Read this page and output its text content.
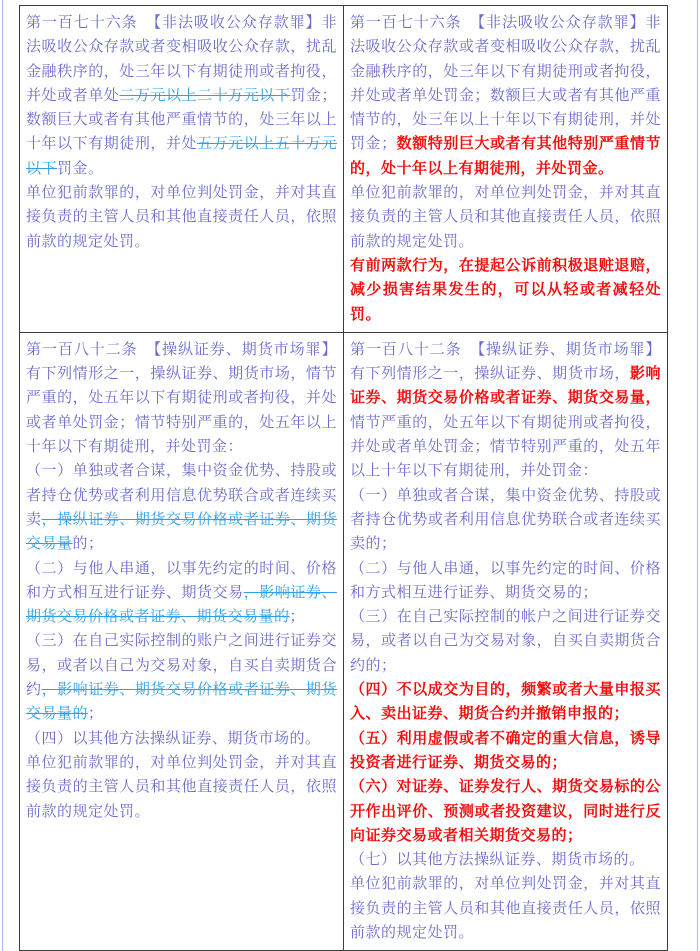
第一百七十六条　【非法吸收公众存款罪】非法吸收公众存款或者变相吸收公众存款，扰乱金融秩序的，处三年以下有期徒刑或者拘役，并处或者单处二万元以上二十万元以下罚金；数额巨大或者有其他严重情节的，处三年以上十年以下有期徒刑，并处五万元以上五十万元以下罚金。

单位犯前款罪的，对单位判处罚金，并对其直接负责的主管人员和其他直接责任人员，依照前款的规定处罚。

第一百七十六条　【非法吸收公众存款罪】非法吸收公众存款或者变相吸收公众存款，扰乱金融秩序的，处三年以下有期徒刑或者拘役，并处或者单处罚金；数额巨大或者有其他严重情节的，处三年以上十年以下有期徒刑，并处罚金；数额特别巨大或者有其他特别严重情节的，处十年以上有期徒刑，并处罚金。

单位犯前款罪的，对单位判处罚金，并对其直接负责的主管人员和其他直接责任人员，依照前款的规定处罚。

有前两款行为，在提起公诉前积极退赃退赔，减少损害结果发生的，可以从轻或者减轻处罚。

第一百八十二条　【操纵证券、期货市场罪】有下列情形之一，操纵证券、期货市场，情节严重的，处五年以下有期徒刑或者拘役，并处或者单处罚金；情节特别严重的，处五年以上十年以下有期徒刑，并处罚金：

（一）单独或者合谋，集中资金优势、持股或者持仓优势或者利用信息优势联合或者连续买卖，操纵证券、期货交易价格或者证券、期货交易量的；

（二）与他人串通，以事先约定的时间、价格和方式相互进行证券、期货交易，影响证券、期货交易价格或者证券、期货交易量的；

（三）在自己实际控制的账户之间进行证券交易，或者以自己为交易对象，自买自卖期货合约，影响证券、期货交易价格或者证券、期货交易量的；

（四）以其他方法操纵证券、期货市场的。

单位犯前款罪的，对单位判处罚金，并对其直接负责的主管人员和其他直接责任人员，依照前款的规定处罚。

第一百八十二条　【操纵证券、期货市场罪】有下列情形之一，操纵证券、期货市场，影响证券、期货交易价格或者证券、期货交易量，情节严重的，处五年以下有期徒刑或者拘役，并处或者单处罚金；情节特别严重的，处五年以上十年以下有期徒刑，并处罚金：

（一）单独或者合谋，集中资金优势、持股或者持仓优势或者利用信息优势联合或者连续买卖的；

（二）与他人串通，以事先约定的时间、价格和方式相互进行证券、期货交易的；

（三）在自己实际控制的帐户之间进行证券交易，或者以自己为交易对象，自买自卖期货合约的；

（四）不以成交为目的，频繁或者大量申报买入、卖出证券、期货合约并撤销申报的；

（五）利用虚假或者不确定的重大信息，诱导投资者进行证券、期货交易的；

（六）对证券、证券发行人、期货交易标的公开作出评价、预测或者投资建议，同时进行反向证券交易或者相关期货交易的；

（七）以其他方法操纵证券、期货市场的。

单位犯前款罪的，对单位判处罚金，并对其直接负责的主管人员和其他直接责任人员，依照前款的规定处罚。
